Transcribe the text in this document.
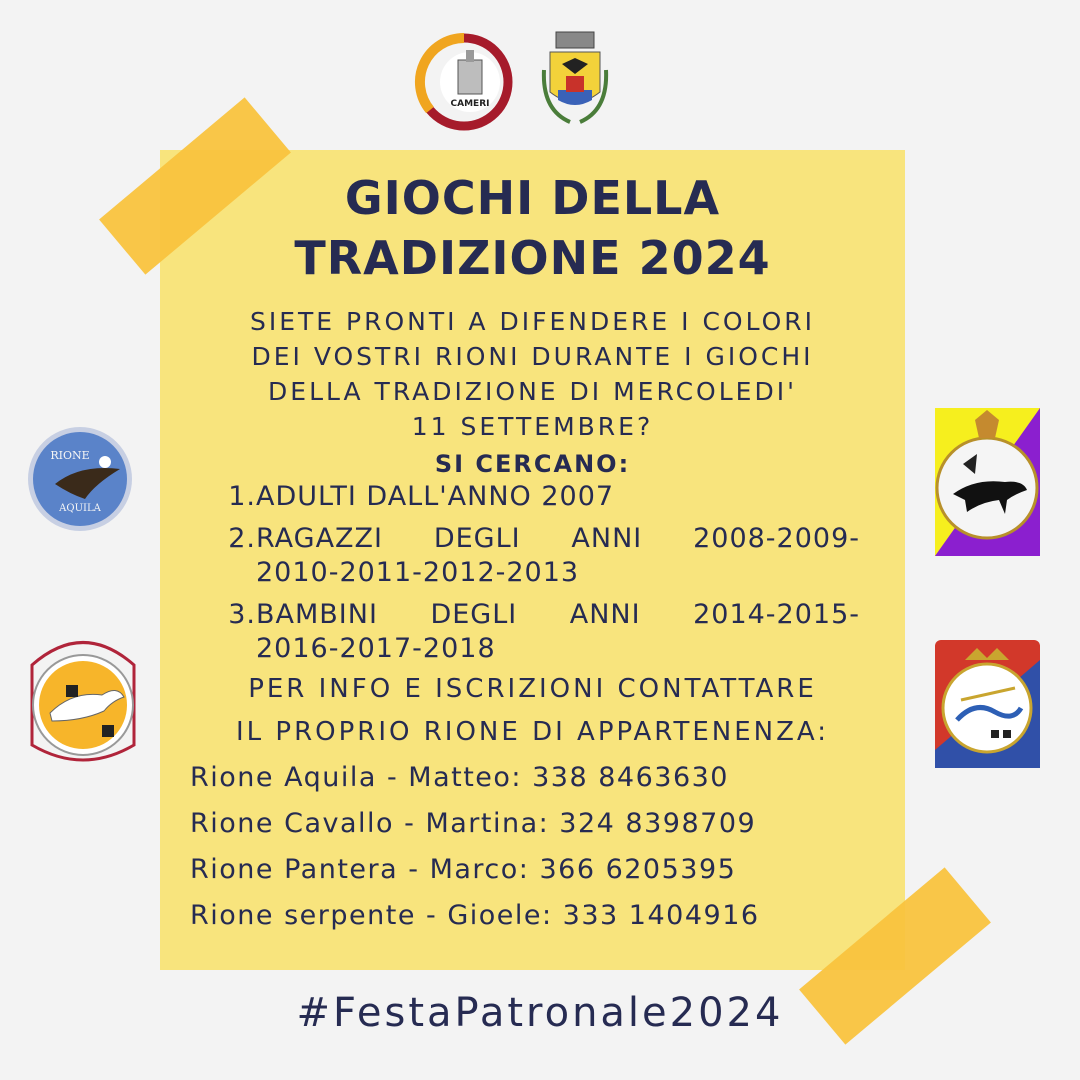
CAMERI
RIONE
AQUILA
GIOCHI DELLA
TRADIZIONE 2024
SIETE PRONTI A DIFENDERE I COLORI
DEI VOSTRI RIONI DURANTE I GIOCHI
DELLA TRADIZIONE DI MERCOLEDI'
11 SETTEMBRE?
SI CERCANO:
1. ADULTI DALL'ANNO 2007
2. RAGAZZI DEGLI ANNI 2008-2009-
2010-2011-2012-2013
3. BAMBINI DEGLI ANNI 2014-2015-
2016-2017-2018
PER INFO E ISCRIZIONI CONTATTARE
IL PROPRIO RIONE DI APPARTENENZA:
Rione Aquila - Matteo: 338 8463630
Rione Cavallo - Martina: 324 8398709
Rione Pantera - Marco: 366 6205395
Rione serpente - Gioele: 333 1404916
#FestaPatronale2024
